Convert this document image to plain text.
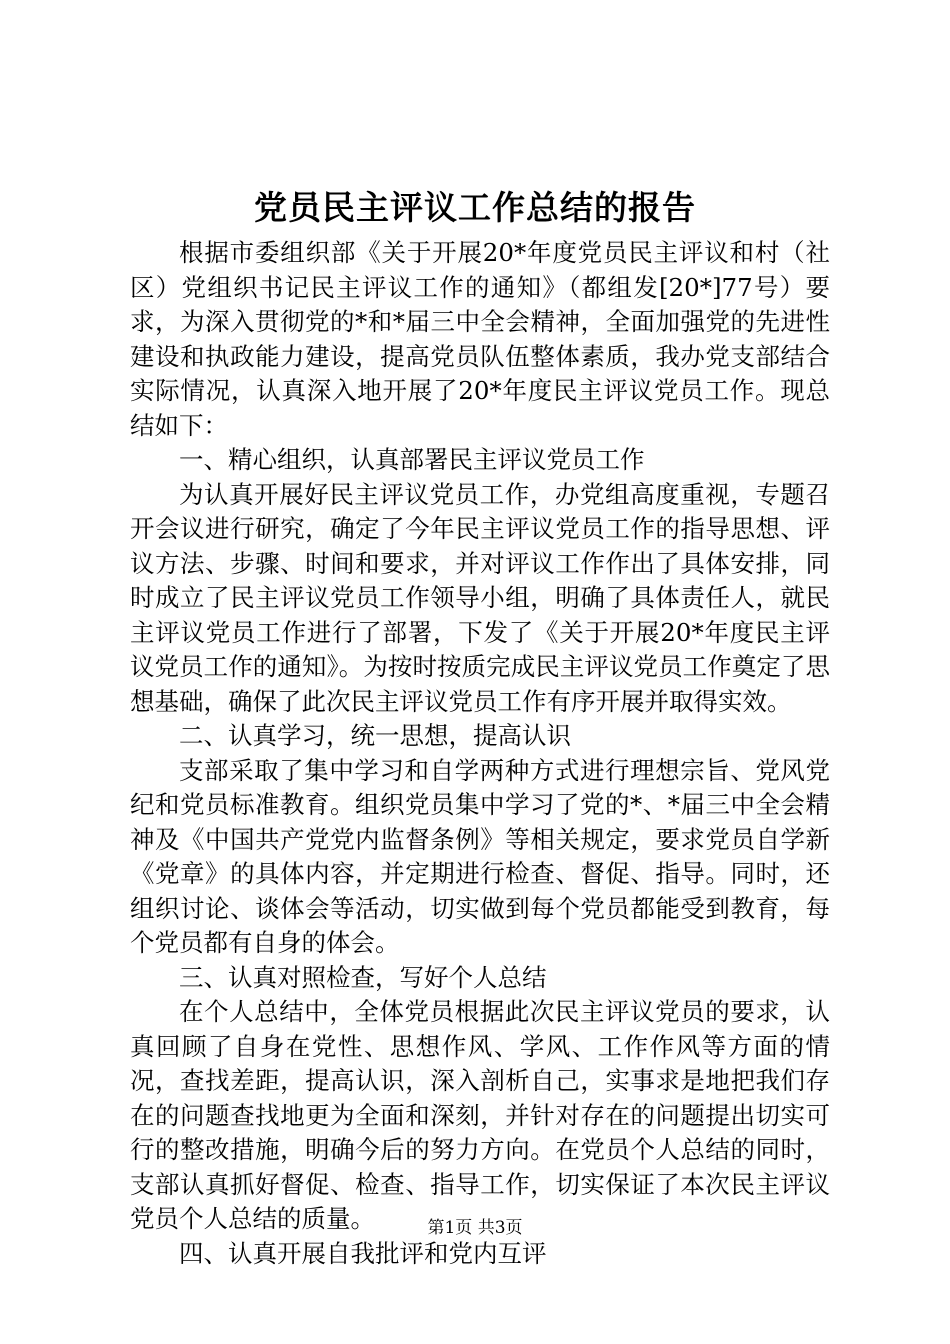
党员民主评议工作总结的报告

根据市委组织部《关于开展20*年度党员民主评议和村（社区）党组织书记民主评议工作的通知》（都组发[20*]77号）要求，为深入贯彻党的*和*届三中全会精神，全面加强党的先进性建设和执政能力建设，提高党员队伍整体素质，我办党支部结合实际情况，认真深入地开展了20*年度民主评议党员工作。现总结如下：

一、精心组织，认真部署民主评议党员工作

为认真开展好民主评议党员工作，办党组高度重视，专题召开会议进行研究，确定了今年民主评议党员工作的指导思想、评议方法、步骤、时间和要求，并对评议工作作出了具体安排，同时成立了民主评议党员工作领导小组，明确了具体责任人，就民主评议党员工作进行了部署，下发了《关于开展20*年度民主评议党员工作的通知》。为按时按质完成民主评议党员工作奠定了思想基础，确保了此次民主评议党员工作有序开展并取得实效。

二、认真学习，统一思想，提高认识

支部采取了集中学习和自学两种方式进行理想宗旨、党风党纪和党员标准教育。组织党员集中学习了党的*、*届三中全会精神及《中国共产党党内监督条例》等相关规定，要求党员自学新《党章》的具体内容，并定期进行检查、督促、指导。同时，还组织讨论、谈体会等活动，切实做到每个党员都能受到教育，每个党员都有自身的体会。

三、认真对照检查，写好个人总结

在个人总结中，全体党员根据此次民主评议党员的要求，认真回顾了自身在党性、思想作风、学风、工作作风等方面的情况，查找差距，提高认识，深入剖析自己，实事求是地把我们存在的问题查找地更为全面和深刻，并针对存在的问题提出切实可行的整改措施，明确今后的努力方向。在党员个人总结的同时，支部认真抓好督促、检查、指导工作，切实保证了本次民主评议党员个人总结的质量。

四、认真开展自我批评和党内互评

第1页 共3页
